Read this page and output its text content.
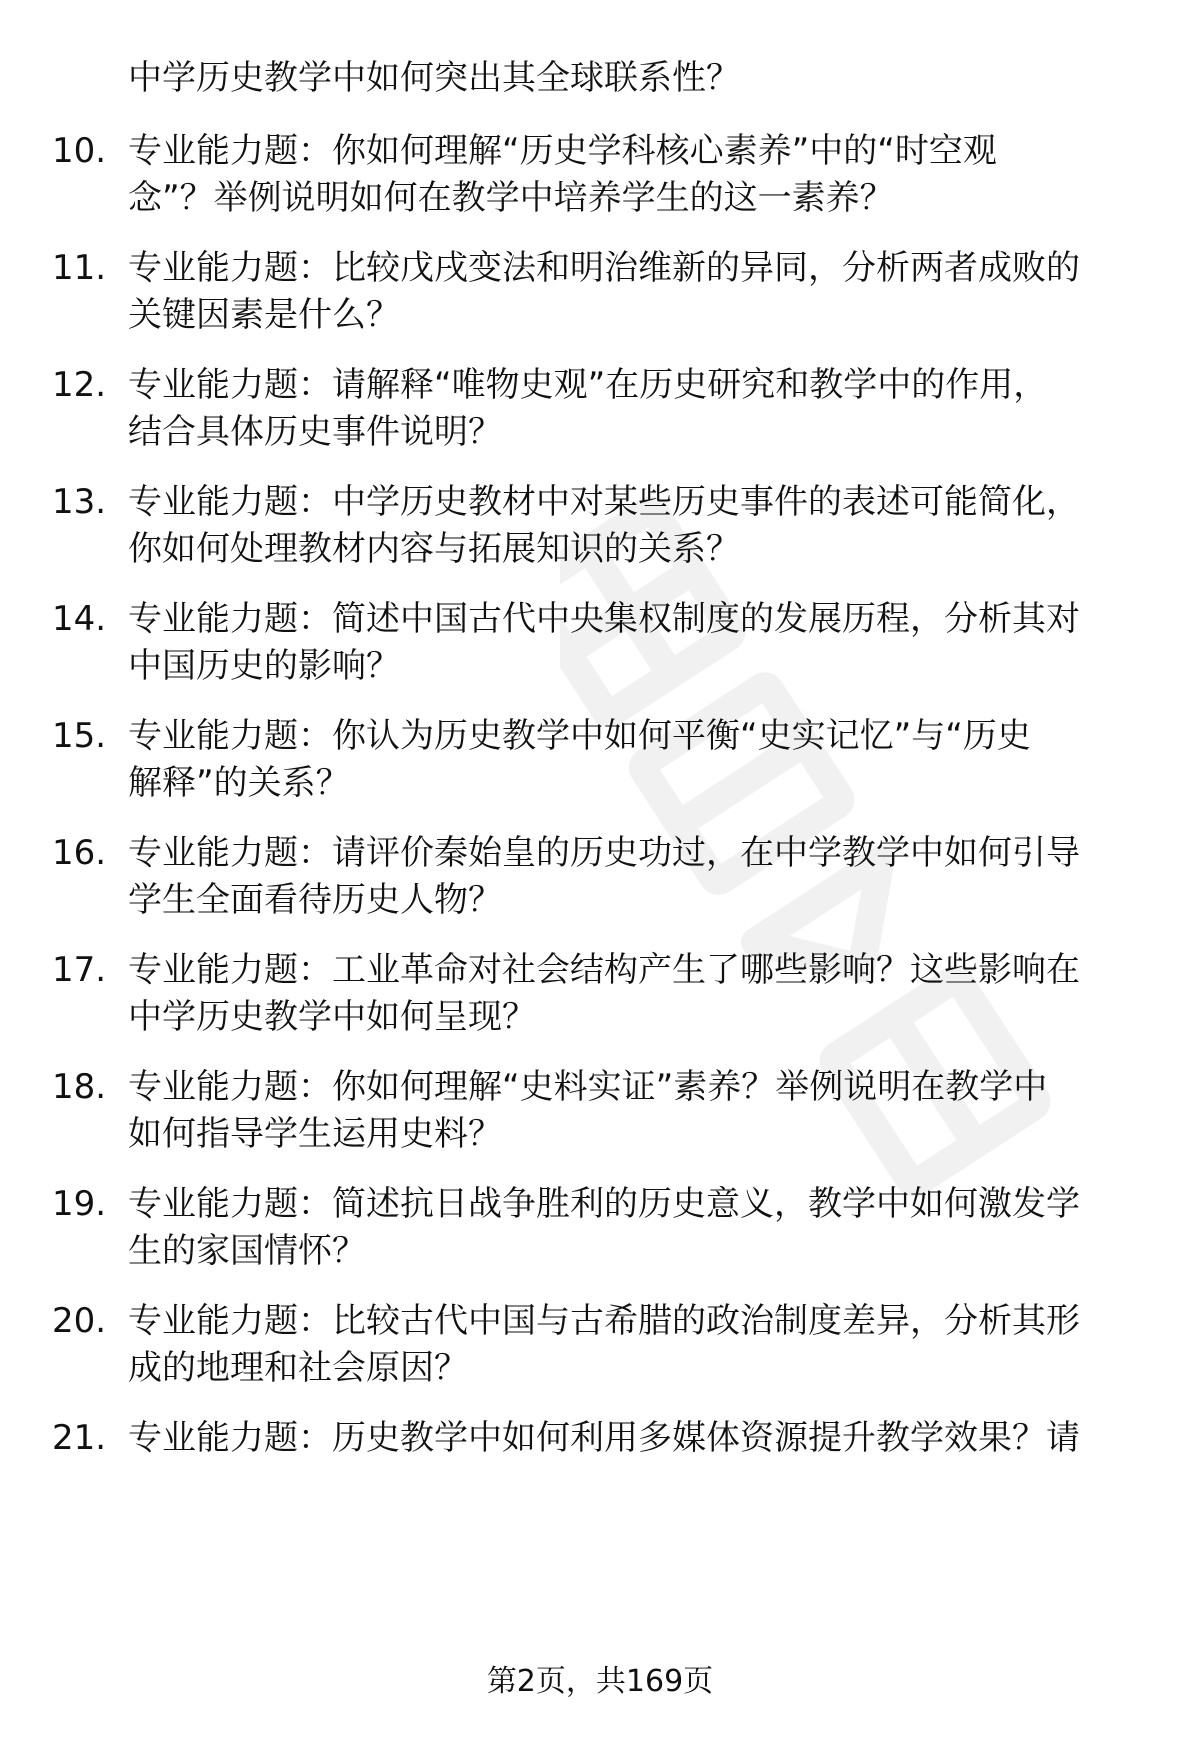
中学历史教学中如何突出其全球联系性？
10. 专业能力题：你如何理解“历史学科核心素养”中的“时空观
念”？举例说明如何在教学中培养学生的这一素养？
11. 专业能力题：比较戊戌变法和明治维新的异同，分析两者成败的
关键因素是什么？
12. 专业能力题：请解释“唯物史观”在历史研究和教学中的作用，
结合具体历史事件说明？
13. 专业能力题：中学历史教材中对某些历史事件的表述可能简化，
你如何处理教材内容与拓展知识的关系？
14. 专业能力题：简述中国古代中央集权制度的发展历程，分析其对
中国历史的影响？
15. 专业能力题：你认为历史教学中如何平衡“史实记忆”与“历史
解释”的关系？
16. 专业能力题：请评价秦始皇的历史功过，在中学教学中如何引导
学生全面看待历史人物？
17. 专业能力题：工业革命对社会结构产生了哪些影响？这些影响在
中学历史教学中如何呈现？
18. 专业能力题：你如何理解“史料实证”素养？举例说明在教学中
如何指导学生运用史料？
19. 专业能力题：简述抗日战争胜利的历史意义，教学中如何激发学
生的家国情怀？
20. 专业能力题：比较古代中国与古希腊的政治制度差异，分析其形
成的地理和社会原因？
21. 专业能力题：历史教学中如何利用多媒体资源提升教学效果？请
第2页，共169页
